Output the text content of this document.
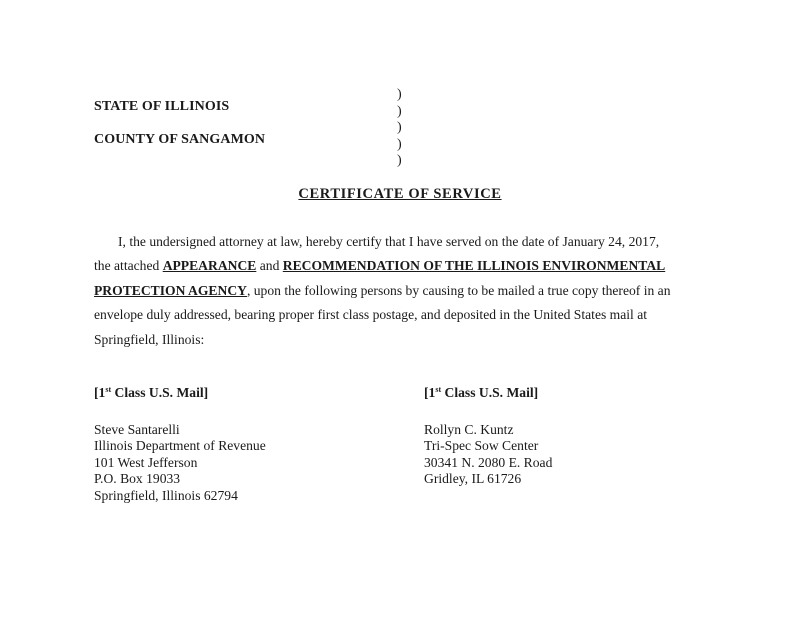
STATE OF ILLINOIS
COUNTY OF SANGAMON
)
)
)
)
)
CERTIFICATE OF SERVICE
I, the undersigned attorney at law, hereby certify that I have served on the date of January 24, 2017,
the attached APPEARANCE and RECOMMENDATION OF THE ILLINOIS ENVIRONMENTAL
PROTECTION AGENCY, upon the following persons by causing to be mailed a true copy thereof in an
envelope duly addressed, bearing proper first class postage, and deposited in the United States mail at
Springfield, Illinois:
[1st Class U.S. Mail]
Steve Santarelli
Illinois Department of Revenue
101 West Jefferson
P.O. Box 19033
Springfield, Illinois 62794
[1st Class U.S. Mail]
Rollyn C. Kuntz
Tri-Spec Sow Center
30341 N. 2080 E. Road
Gridley, IL 61726
